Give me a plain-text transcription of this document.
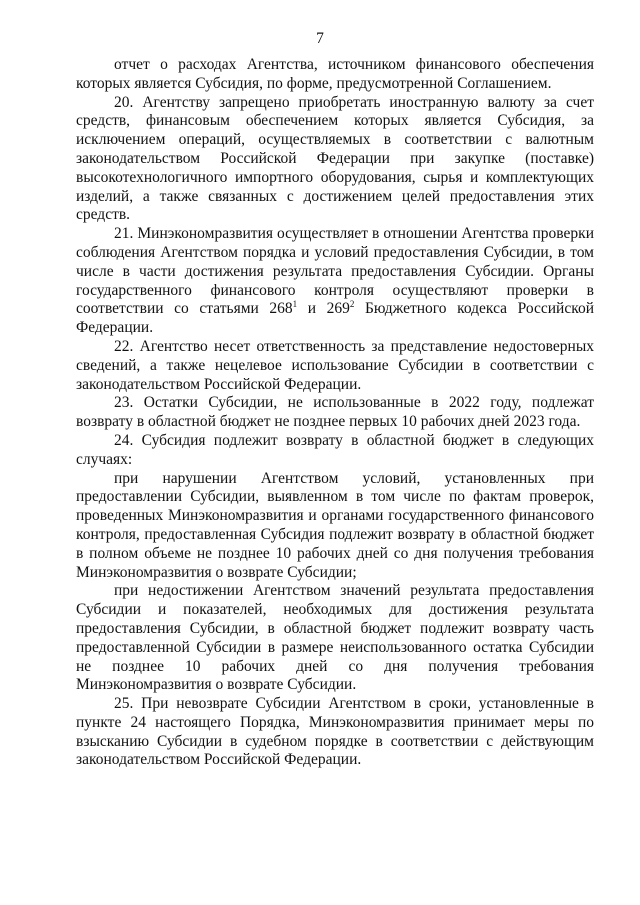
7

отчет о расходах Агентства, источником финансового обеспечения которых является Субсидия, по форме, предусмотренной Соглашением.

20. Агентству запрещено приобретать иностранную валюту за счет средств, финансовым обеспечением которых является Субсидия, за исключением операций, осуществляемых в соответствии с валютным законодательством Российской Федерации при закупке (поставке) высокотехнологичного импортного оборудования, сырья и комплектующих изделий, а также связанных с достижением целей предоставления этих средств.

21. Минэкономразвития осуществляет в отношении Агентства проверки соблюдения Агентством порядка и условий предоставления Субсидии, в том числе в части достижения результата предоставления Субсидии. Органы государственного финансового контроля осуществляют проверки в соответствии со статьями 268$^1$ и 269$^2$ Бюджетного кодекса Российской Федерации.

22. Агентство несет ответственность за представление недостоверных сведений, а также нецелевое использование Субсидии в соответствии с законодательством Российской Федерации.

23. Остатки Субсидии, не использованные в 2022 году, подлежат возврату в областной бюджет не позднее первых 10 рабочих дней 2023 года.

24. Субсидия подлежит возврату в областной бюджет в следующих случаях:

при нарушении Агентством условий, установленных при предоставлении Субсидии, выявленном в том числе по фактам проверок, проведенных Минэкономразвития и органами государственного финансового контроля, предоставленная Субсидия подлежит возврату в областной бюджет в полном объеме не позднее 10 рабочих дней со дня получения требования Минэкономразвития о возврате Субсидии;

при недостижении Агентством значений результата предоставления Субсидии и показателей, необходимых для достижения результата предоставления Субсидии, в областной бюджет подлежит возврату часть предоставленной Субсидии в размере неиспользованного остатка Субсидии не позднее 10 рабочих дней со дня получения требования Минэкономразвития о возврате Субсидии.

25. При невозврате Субсидии Агентством в сроки, установленные в пункте 24 настоящего Порядка, Минэкономразвития принимает меры по взысканию Субсидии в судебном порядке в соответствии с действующим законодательством Российской Федерации.
